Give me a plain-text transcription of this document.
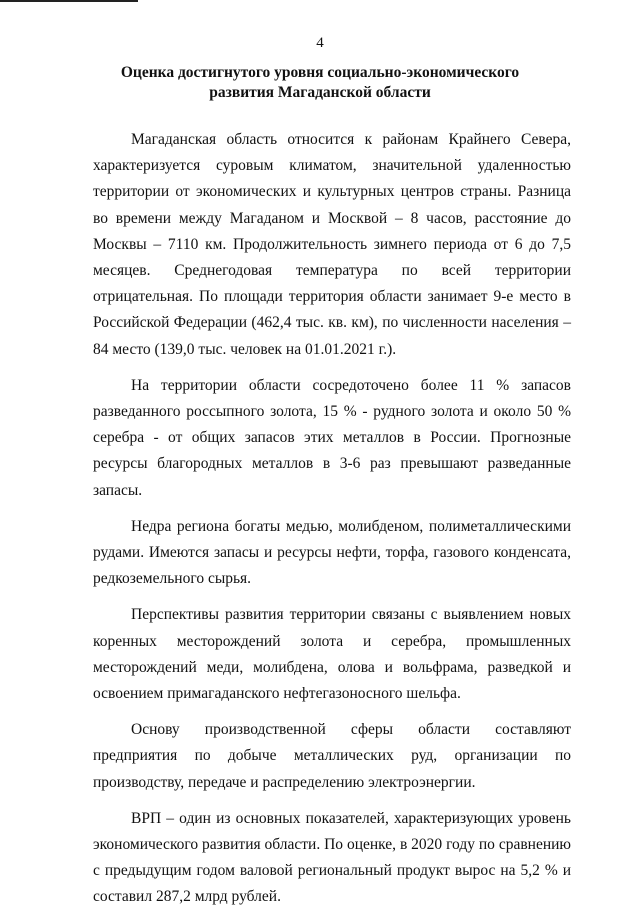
4
Оценка достигнутого уровня социально-экономического
развития Магаданской области

Магаданская область относится к районам Крайнего Севера, характеризуется суровым климатом, значительной удаленностью территории от экономических и культурных центров страны. Разница во времени между Магаданом и Москвой – 8 часов, расстояние до Москвы – 7110 км. Продолжительность зимнего периода от 6 до 7,5 месяцев. Среднегодовая температура по всей территории отрицательная. По площади территория области занимает 9-е место в Российской Федерации (462,4 тыс. кв. км), по численности населения – 84 место (139,0 тыс. человек на 01.01.2021 г.).

На территории области сосредоточено более 11 % запасов разведанного россыпного золота, 15 % - рудного золота и около 50 % серебра - от общих запасов этих металлов в России. Прогнозные ресурсы благородных металлов в 3-6 раз превышают разведанные запасы.

Недра региона богаты медью, молибденом, полиметаллическими рудами. Имеются запасы и ресурсы нефти, торфа, газового конденсата, редкоземельного сырья.

Перспективы развития территории связаны с выявлением новых коренных месторождений золота и серебра, промышленных месторождений меди, молибдена, олова и вольфрама, разведкой и освоением примагаданского нефтегазоносного шельфа.

Основу производственной сферы области составляют предприятия по добыче металлических руд, организации по производству, передаче и распределению электроэнергии.

ВРП – один из основных показателей, характеризующих уровень экономического развития области. По оценке, в 2020 году по сравнению с предыдущим годом валовой региональный продукт вырос на 5,2 % и составил 287,2 млрд рублей.
